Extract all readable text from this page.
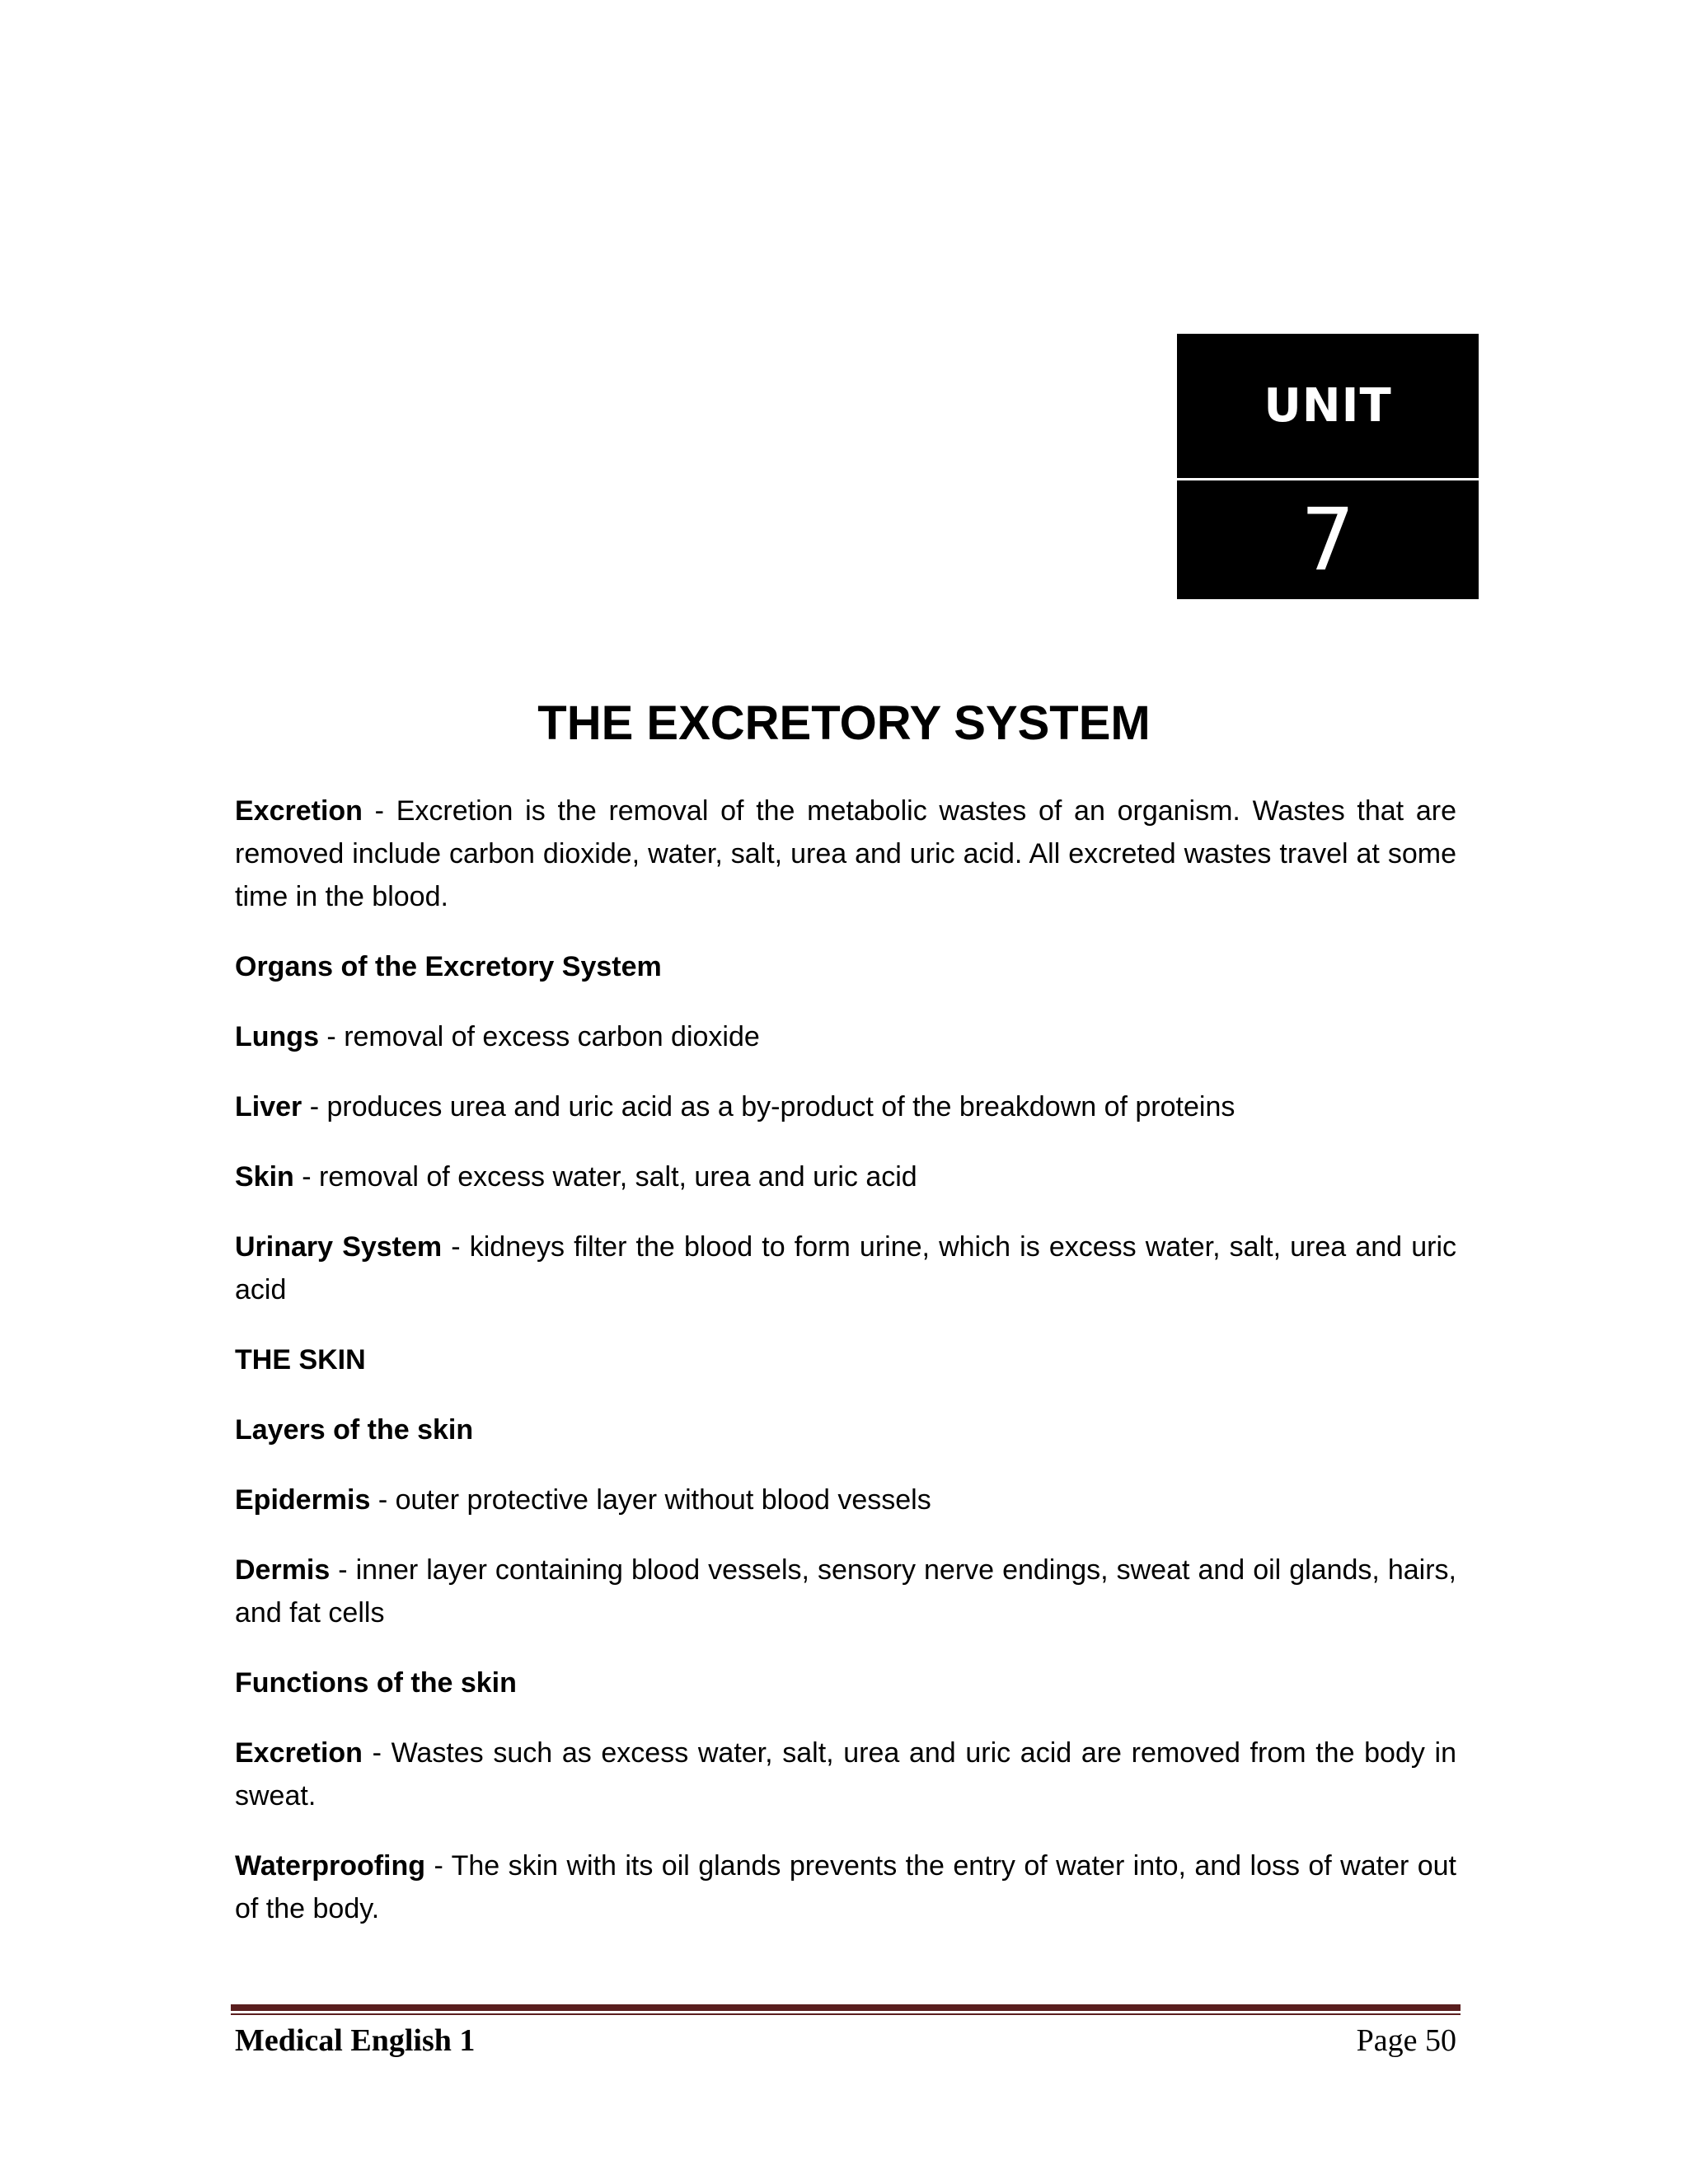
UNIT
7
THE EXCRETORY SYSTEM

Excretion - Excretion is the removal of the metabolic wastes of an organism. Wastes that are removed include carbon dioxide, water, salt, urea and uric acid. All excreted wastes travel at some time in the blood.

Organs of the Excretory System

Lungs - removal of excess carbon dioxide

Liver - produces urea and uric acid as a by-product of the breakdown of proteins

Skin - removal of excess water, salt, urea and uric acid

Urinary System - kidneys filter the blood to form urine, which is excess water, salt, urea and uric acid

THE SKIN

Layers of the skin

Epidermis - outer protective layer without blood vessels

Dermis - inner layer containing blood vessels, sensory nerve endings, sweat and oil glands, hairs, and fat cells

Functions of the skin

Excretion - Wastes such as excess water, salt, urea and uric acid are removed from the body in sweat.

Waterproofing - The skin with its oil glands prevents the entry of water into, and loss of water out of the body.

Medical English 1	Page 50
